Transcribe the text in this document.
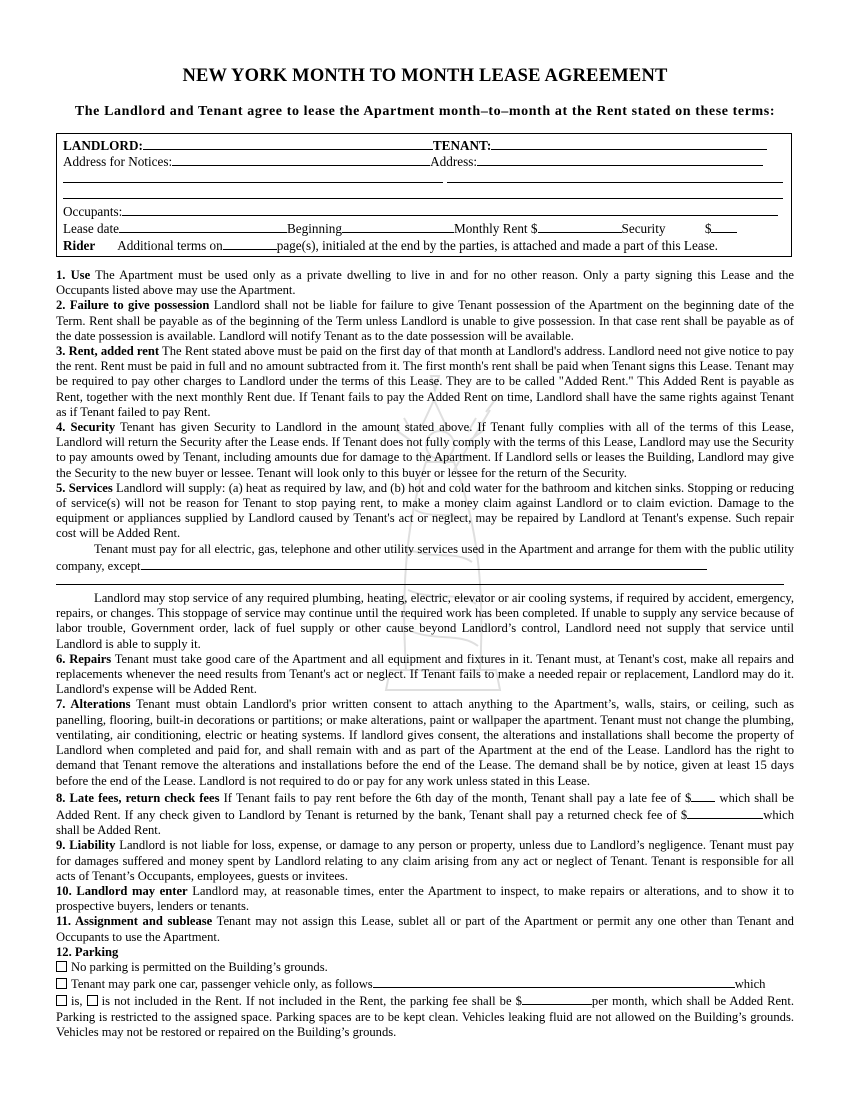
NEW YORK MONTH TO MONTH LEASE AGREEMENT
The Landlord and Tenant agree to lease the Apartment month–to–month at the Rent stated on these terms:
LANDLORD:	TENANT:
Address for Notices:	Address:
Occupants:
Lease date	Beginning	Monthly Rent $	Security	$
Rider Additional terms on	page(s), initialed at the end by the parties, is attached and made a part of this Lease.

1. Use The Apartment must be used only as a private dwelling to live in and for no other reason. Only a party signing this Lease and the Occupants listed above may use the Apartment.

2. Failure to give possession Landlord shall not be liable for failure to give Tenant possession of the Apartment on the beginning date of the Term. Rent shall be payable as of the beginning of the Term unless Landlord is unable to give possession. In that case rent shall be payable as of the date possession is available. Landlord will notify Tenant as to the date possession will be available.

3. Rent, added rent The Rent stated above must be paid on the first day of that month at Landlord's address. Landlord need not give notice to pay the rent. Rent must be paid in full and no amount subtracted from it. The first month's rent shall be paid when Tenant signs this Lease. Tenant may be required to pay other charges to Landlord under the terms of this Lease. They are to be called "Added Rent." This Added Rent is payable as Rent, together with the next monthly Rent due. If Tenant fails to pay the Added Rent on time, Landlord shall have the same rights against Tenant as if Tenant failed to pay Rent.

4. Security Tenant has given Security to Landlord in the amount stated above. If Tenant fully complies with all of the terms of this Lease, Landlord will return the Security after the Lease ends. If Tenant does not fully comply with the terms of this Lease, Landlord may use the Security to pay amounts owed by Tenant, including amounts due for damage to the Apartment. If Landlord sells or leases the Building, Landlord may give the Security to the new buyer or lessee. Tenant will look only to this buyer or lessee for the return of the Security.

5. Services Landlord will supply: (a) heat as required by law, and (b) hot and cold water for the bathroom and kitchen sinks. Stopping or reducing of service(s) will not be reason for Tenant to stop paying rent, to make a money claim against Landlord or to claim eviction. Damage to the equipment or appliances supplied by Landlord caused by Tenant's act or neglect, may be repaired by Landlord at Tenant's expense. Such repair cost will be Added Rent.

Tenant must pay for all electric, gas, telephone and other utility services used in the Apartment and arrange for them with the public utility company, except

Landlord may stop service of any required plumbing, heating, electric, elevator or air cooling systems, if required by accident, emergency, repairs, or changes. This stoppage of service may continue until the required work has been completed. If unable to supply any service because of labor trouble, Government order, lack of fuel supply or other cause beyond Landlord’s control, Landlord need not supply that service until Landlord is able to supply it.

6. Repairs Tenant must take good care of the Apartment and all equipment and fixtures in it. Tenant must, at Tenant's cost, make all repairs and replacements whenever the need results from Tenant's act or neglect. If Tenant fails to make a needed repair or replacement, Landlord may do it. Landlord's expense will be Added Rent.

7. Alterations Tenant must obtain Landlord's prior written consent to attach anything to the Apartment’s, walls, stairs, or ceiling, such as panelling, flooring, built-in decorations or partitions; or make alterations, paint or wallpaper the apartment. Tenant must not change the plumbing, ventilating, air conditioning, electric or heating systems. If landlord gives consent, the alterations and installations shall become the property of Landlord when completed and paid for, and shall remain with and as part of the Apartment at the end of the Lease. Landlord has the right to demand that Tenant remove the alterations and installations before the end of the Lease. The demand shall be by notice, given at least 15 days before the end of the Lease. Landlord is not required to do or pay for any work unless stated in this Lease.

8. Late fees, return check fees If Tenant fails to pay rent before the 6th day of the month, Tenant shall pay a late fee of $ which shall be Added Rent. If any check given to Landlord by Tenant is returned by the bank, Tenant shall pay a returned check fee of $	which shall be Added Rent.

9. Liability Landlord is not liable for loss, expense, or damage to any person or property, unless due to Landlord’s negligence. Tenant must pay for damages suffered and money spent by Landlord relating to any claim arising from any act or neglect of Tenant. Tenant is responsible for all acts of Tenant’s Occupants, employees, guests or invitees.

10. Landlord may enter Landlord may, at reasonable times, enter the Apartment to inspect, to make repairs or alterations, and to show it to prospective buyers, lenders or tenants.

11. Assignment and sublease Tenant may not assign this Lease, sublet all or part of the Apartment or permit any one other than Tenant and Occupants to use the Apartment.

12. Parking

No parking is permitted on the Building’s grounds.

Tenant may park one car, passenger vehicle only, as follows	which

is, is not included in the Rent. If not included in the Rent, the parking fee shall be $	per month, which shall be Added Rent. Parking is restricted to the assigned space. Parking spaces are to be kept clean. Vehicles leaking fluid are not allowed on the Building’s grounds. Vehicles may not be restored or repaired on the Building’s grounds.
